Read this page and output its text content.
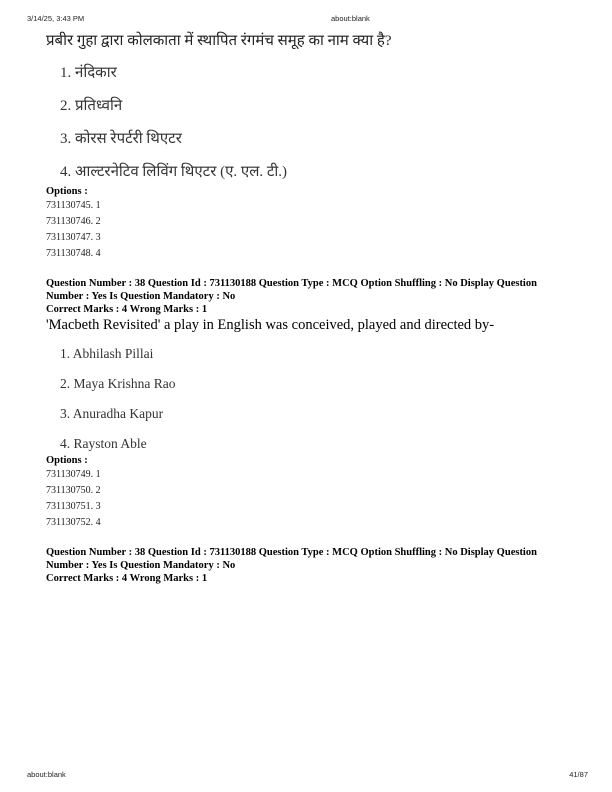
3/14/25, 3:43 PM	about:blank

प्रबीर गुहा द्वारा कोलकाता में स्थापित रंगमंच समूह का नाम क्या है?

1. नंदिकार

2. प्रतिध्वनि

3. कोरस रेपर्टरी थिएटर

4. आल्टरनेटिव लिविंग थिएटर (ए. एल. टी.)

Options :

731130745. 1

731130746. 2

731130747. 3

731130748. 4

Question Number : 38 Question Id : 731130188 Question Type : MCQ Option Shuffling : No Display Question

Number : Yes Is Question Mandatory : No

Correct Marks : 4 Wrong Marks : 1

'Macbeth Revisited' a play in English was conceived, played and directed by-

1. Abhilash Pillai

2. Maya Krishna Rao

3. Anuradha Kapur

4. Rayston Able

Options :

731130749. 1

731130750. 2

731130751. 3

731130752. 4

Question Number : 38 Question Id : 731130188 Question Type : MCQ Option Shuffling : No Display Question

Number : Yes Is Question Mandatory : No

Correct Marks : 4 Wrong Marks : 1

about:blank	41/87
